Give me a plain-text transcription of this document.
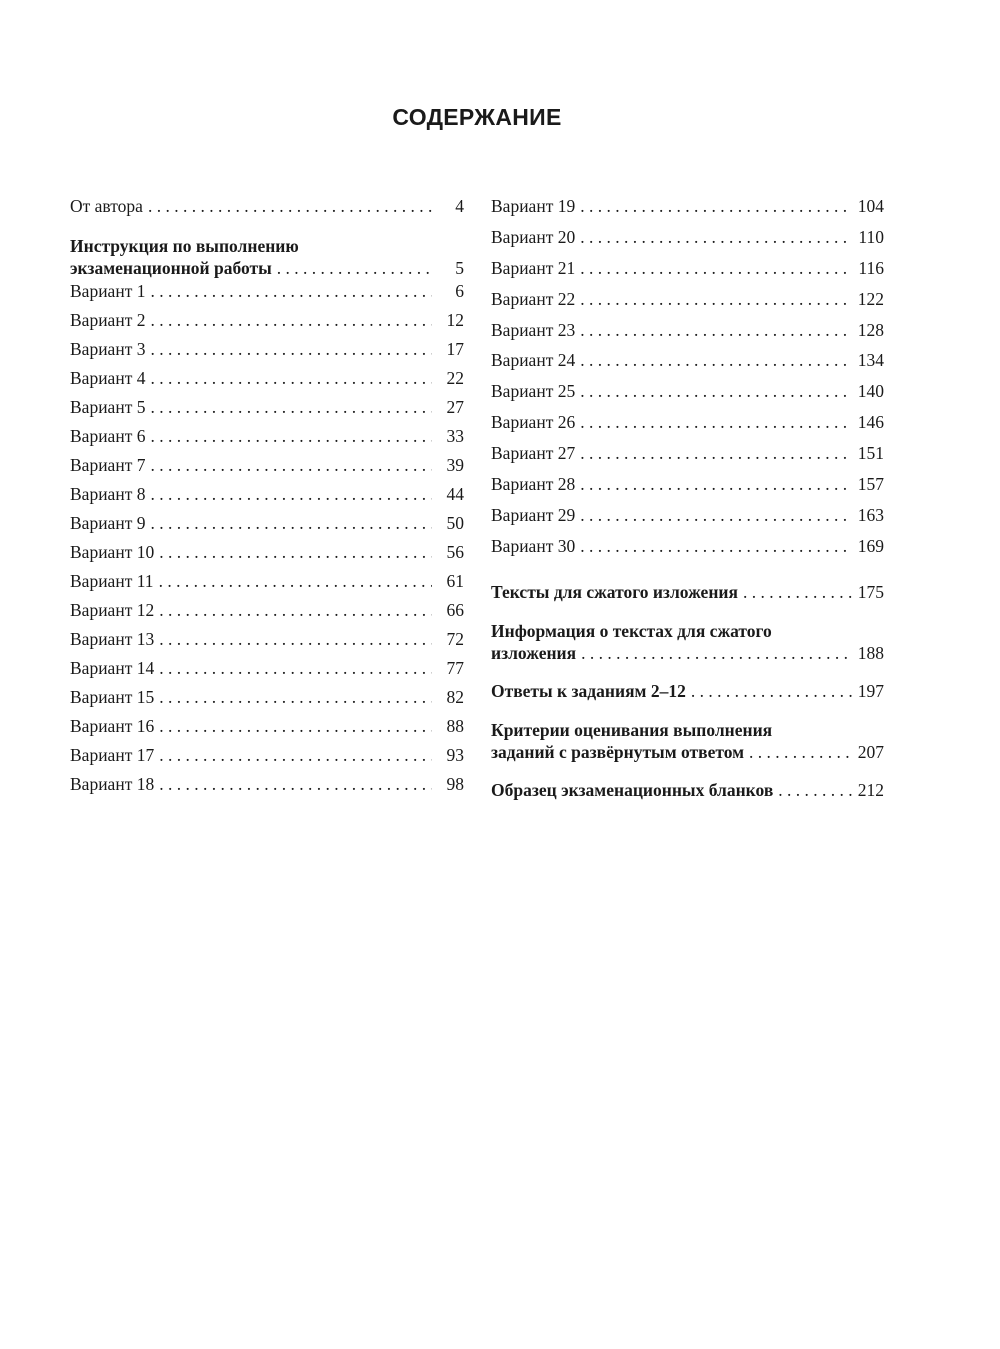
СОДЕРЖАНИЕ
От автора . . .	4
Инструкция по выполнению
экзаменационной работы . . .	5
Вариант 1 . . .	6
Вариант 2 . . .	12
Вариант 3 . . .	17
Вариант 4 . . .	22
Вариант 5 . . .	27
Вариант 6 . . .	33
Вариант 7 . . .	39
Вариант 8 . . .	44
Вариант 9 . . .	50
Вариант 10 . . .	56
Вариант 11 . . .	61
Вариант 12 . . .	66
Вариант 13 . . .	72
Вариант 14 . . .	77
Вариант 15 . . .	82
Вариант 16 . . .	88
Вариант 17 . . .	93
Вариант 18 . . .	98
Вариант 19 . . .	104
Вариант 20 . . .	110
Вариант 21 . . .	116
Вариант 22 . . .	122
Вариант 23 . . .	128
Вариант 24 . . .	134
Вариант 25 . . .	140
Вариант 26 . . .	146
Вариант 27 . . .	151
Вариант 28 . . .	157
Вариант 29 . . .	163
Вариант 30 . . .	169
Тексты для сжатого изложения . . .	175
Информация о текстах для сжатого
изложения . . .	188
Ответы к заданиям 2–12 . . .	197
Критерии оценивания выполнения
заданий с развёрнутым ответом . . .	207
Образец экзаменационных бланков . . .	212
